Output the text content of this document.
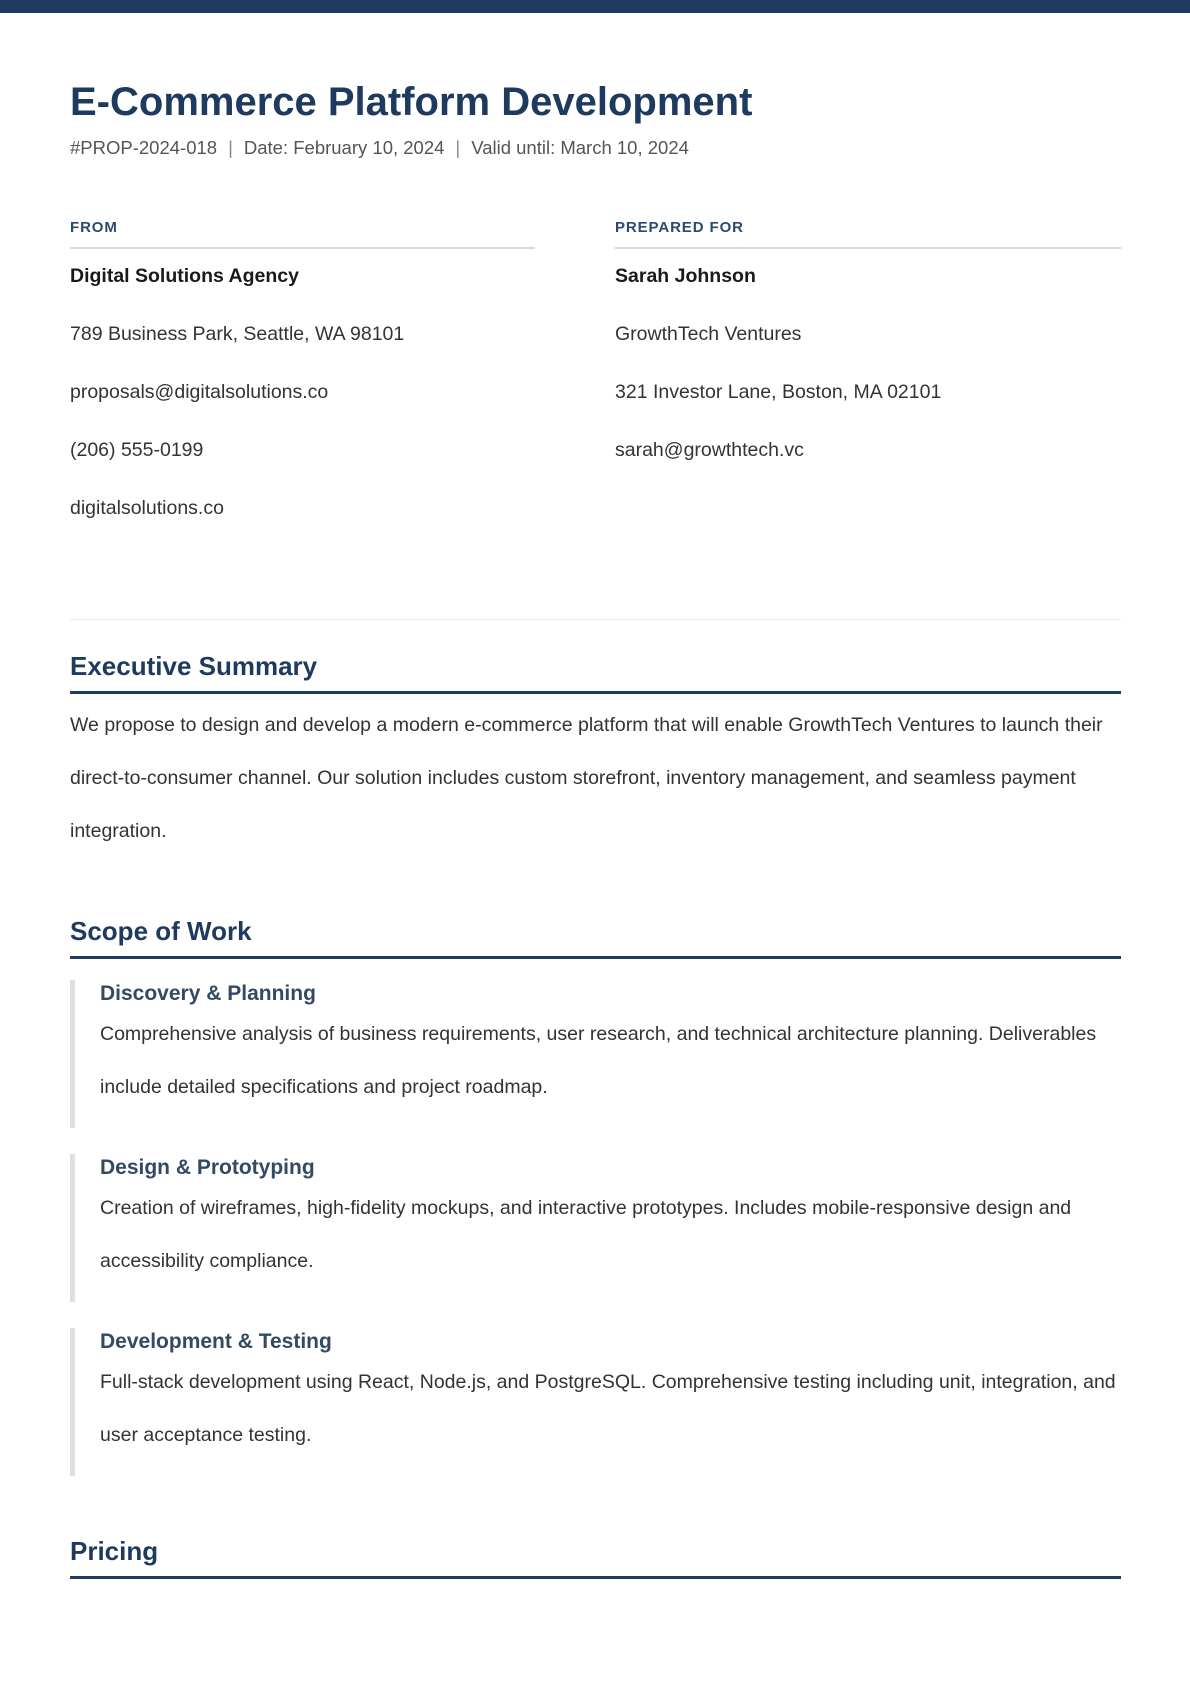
E-Commerce Platform Development
#PROP-2024-018 | Date: February 10, 2024 | Valid until: March 10, 2024
FROM

Digital Solutions Agency

789 Business Park, Seattle, WA 98101

proposals@digitalsolutions.co

(206) 555-0199

digitalsolutions.co

PREPARED FOR

Sarah Johnson

GrowthTech Ventures

321 Investor Lane, Boston, MA 02101

sarah@growthtech.vc

Executive Summary

We propose to design and develop a modern e-commerce platform that will enable GrowthTech Ventures to launch their direct-to-consumer channel. Our solution includes custom storefront, inventory management, and seamless payment integration.

Scope of Work
Discovery & Planning

Comprehensive analysis of business requirements, user research, and technical architecture planning. Deliverables include detailed specifications and project roadmap.

Design & Prototyping

Creation of wireframes, high-fidelity mockups, and interactive prototypes. Includes mobile-responsive design and accessibility compliance.

Development & Testing

Full-stack development using React, Node.js, and PostgreSQL. Comprehensive testing including unit, integration, and user acceptance testing.

Pricing
